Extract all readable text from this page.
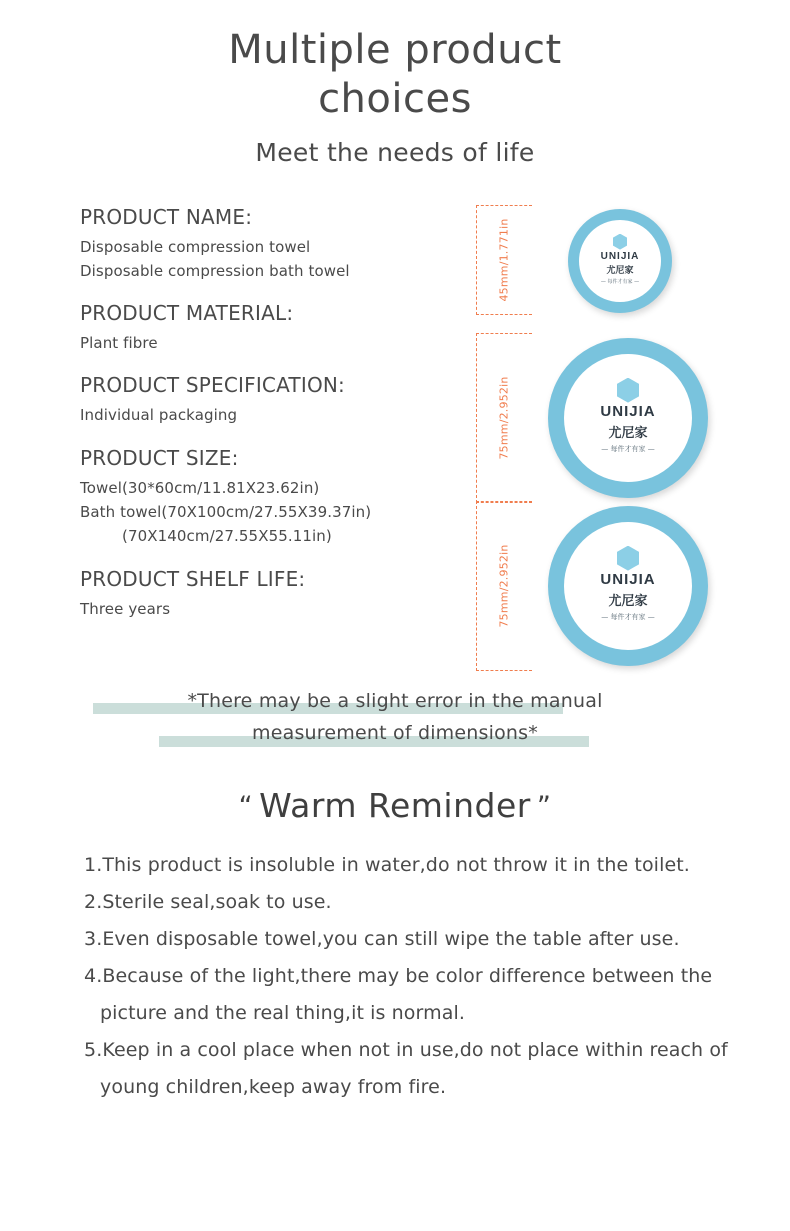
Multiple product choices
Meet the needs of life
PRODUCT NAME:
Disposable compression towel
Disposable compression bath towel
PRODUCT MATERIAL:
Plant fibre
PRODUCT SPECIFICATION:
Individual packaging
PRODUCT SIZE:
Towel(30*60cm/11.81X23.62in)
Bath towel(70X100cm/27.55X39.37in)
(70X140cm/27.55X55.11in)
PRODUCT SHELF LIFE:
Three years
45mm/1.771in	UNIJIA
尤尼家
— 每件才有家 —
75mm/2.952in	UNIJIA
尤尼家
— 每件才有家 —
75mm/2.952in	UNIJIA
尤尼家
— 每件才有家 —
*There may be a slight error in the manual
measurement of dimensions*
“ Warm Reminder ”
1.This product is insoluble in water,do not throw it in the toilet.
2.Sterile seal,soak to use.
3.Even disposable towel,you can still wipe the table after use.
4.Because of the light,there may be color difference between the picture and the real thing,it is normal.
5.Keep in a cool place when not in use,do not place within reach of young children,keep away from fire.
